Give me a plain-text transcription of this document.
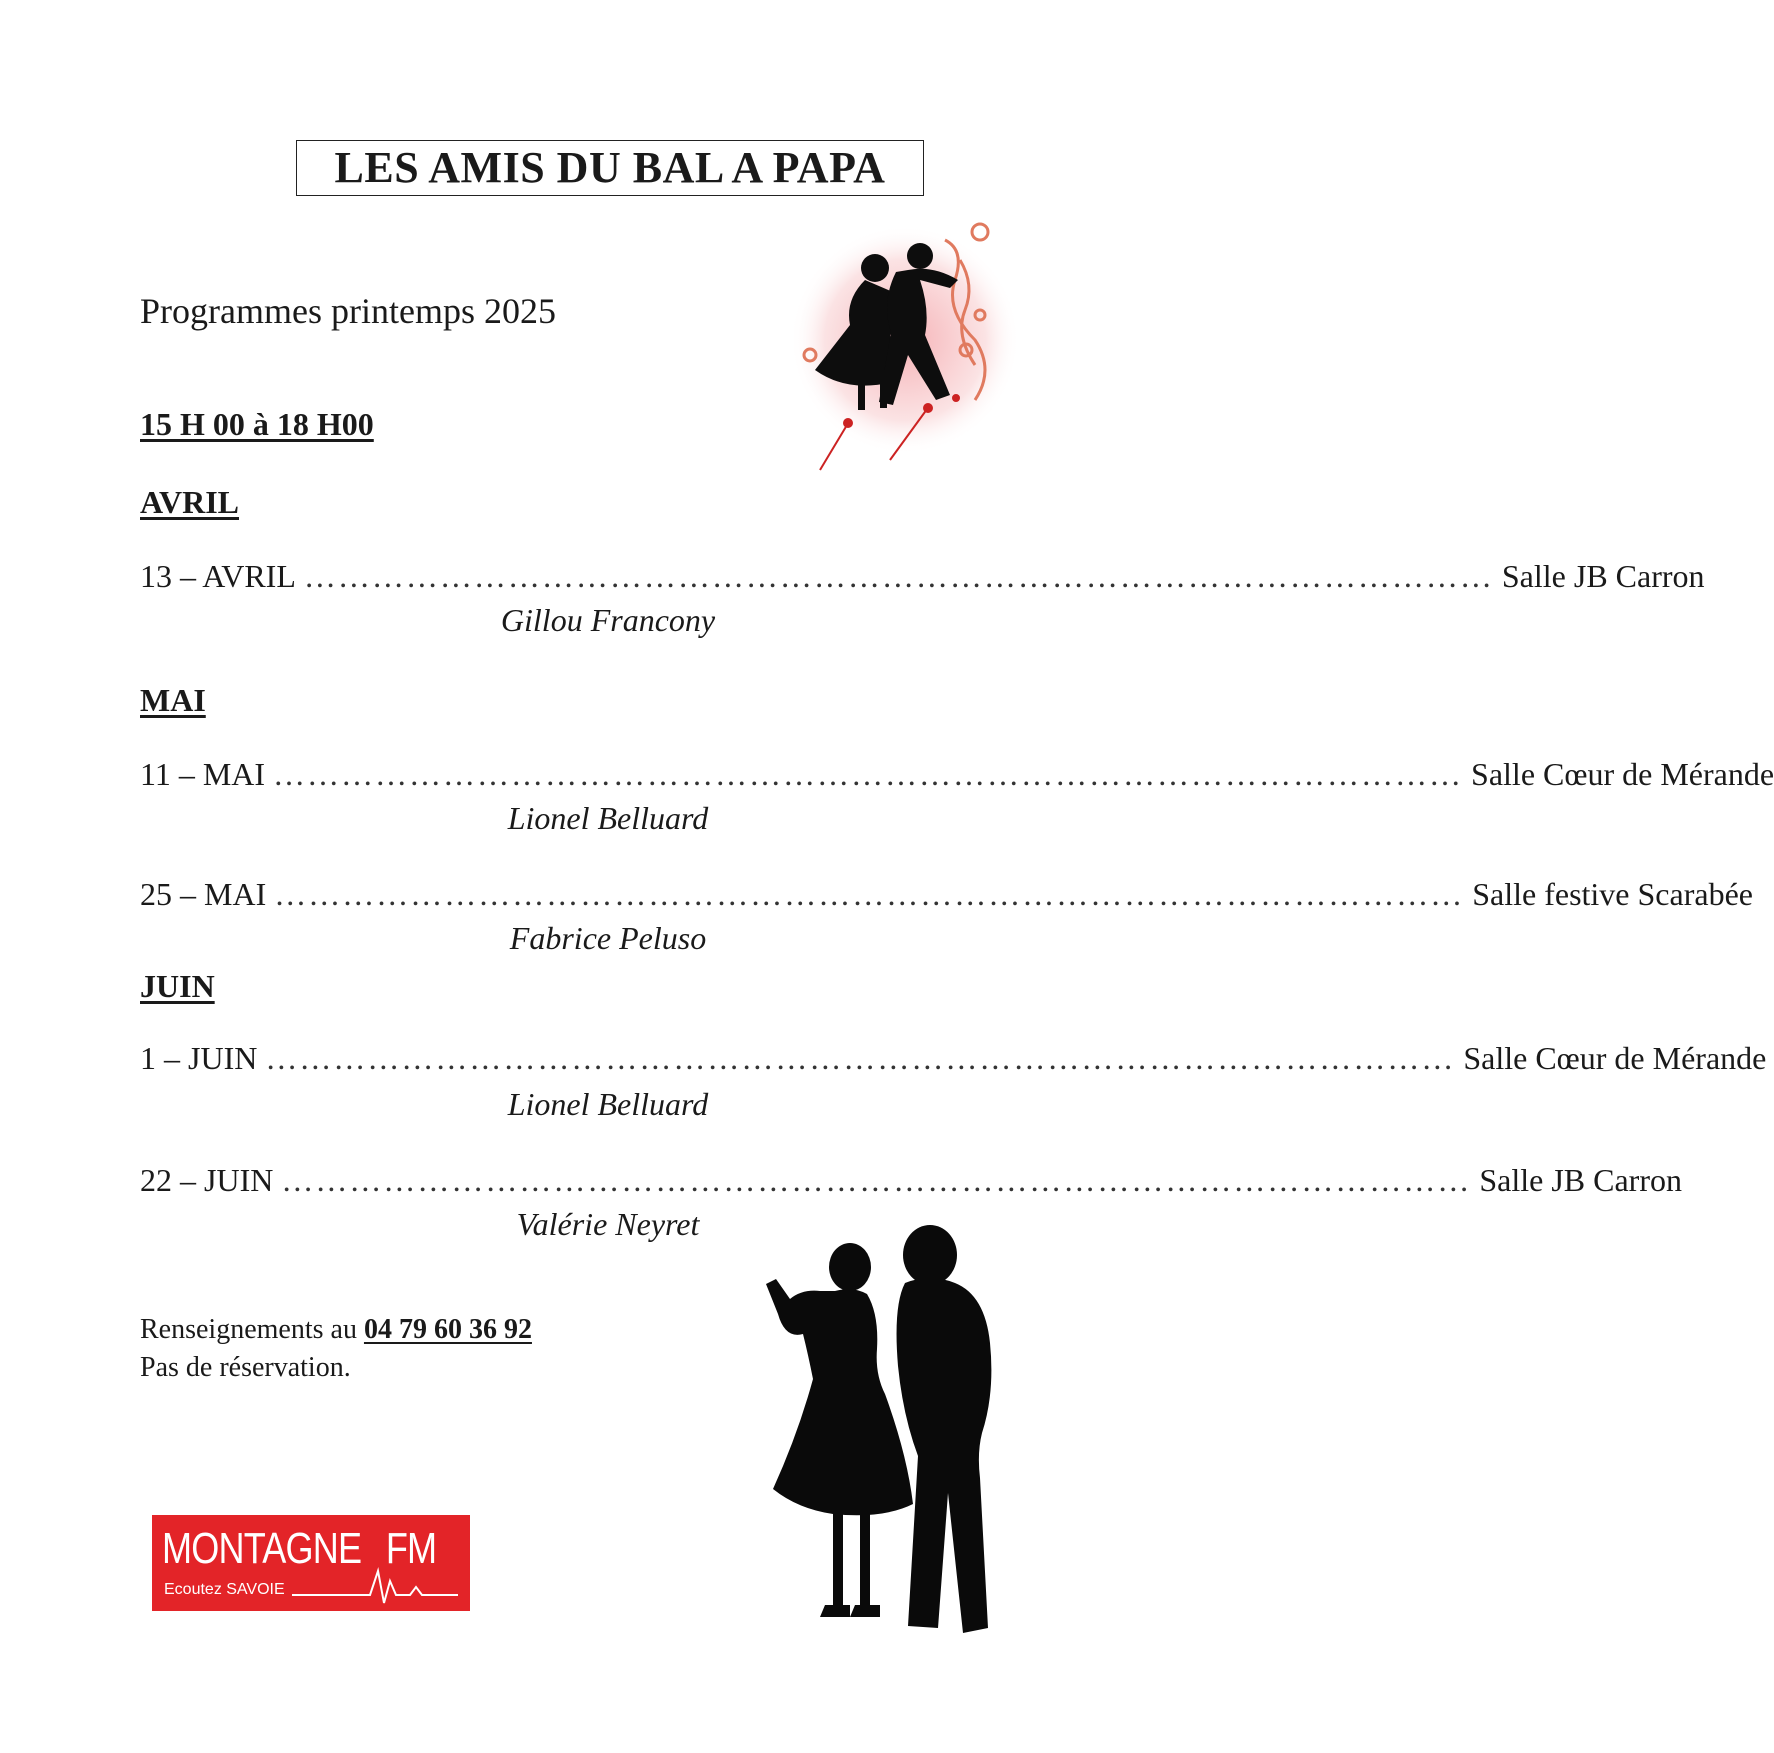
LES AMIS DU BAL A PAPA
Programmes printemps 2025
15 H 00 à 18 H00
AVRIL
13 – AVRIL …………………………………………………………………………………………… Salle JB Carron
Gillou Francony
MAI
11 – MAI …………………………………………………………………………………………… Salle Cœur de Mérande
Lionel Belluard
25 – MAI …………………………………………………………………………………………… Salle festive Scarabée
Fabrice Peluso
JUIN
1 – JUIN …………………………………………………………………………………………… Salle Cœur de Mérande
Lionel Belluard
22 – JUIN …………………………………………………………………………………………… Salle JB Carron
Valérie Neyret
Renseignements au 04 79 60 36 92
Pas de réservation.
MONTAGNE FM
Ecoutez SAVOIE
